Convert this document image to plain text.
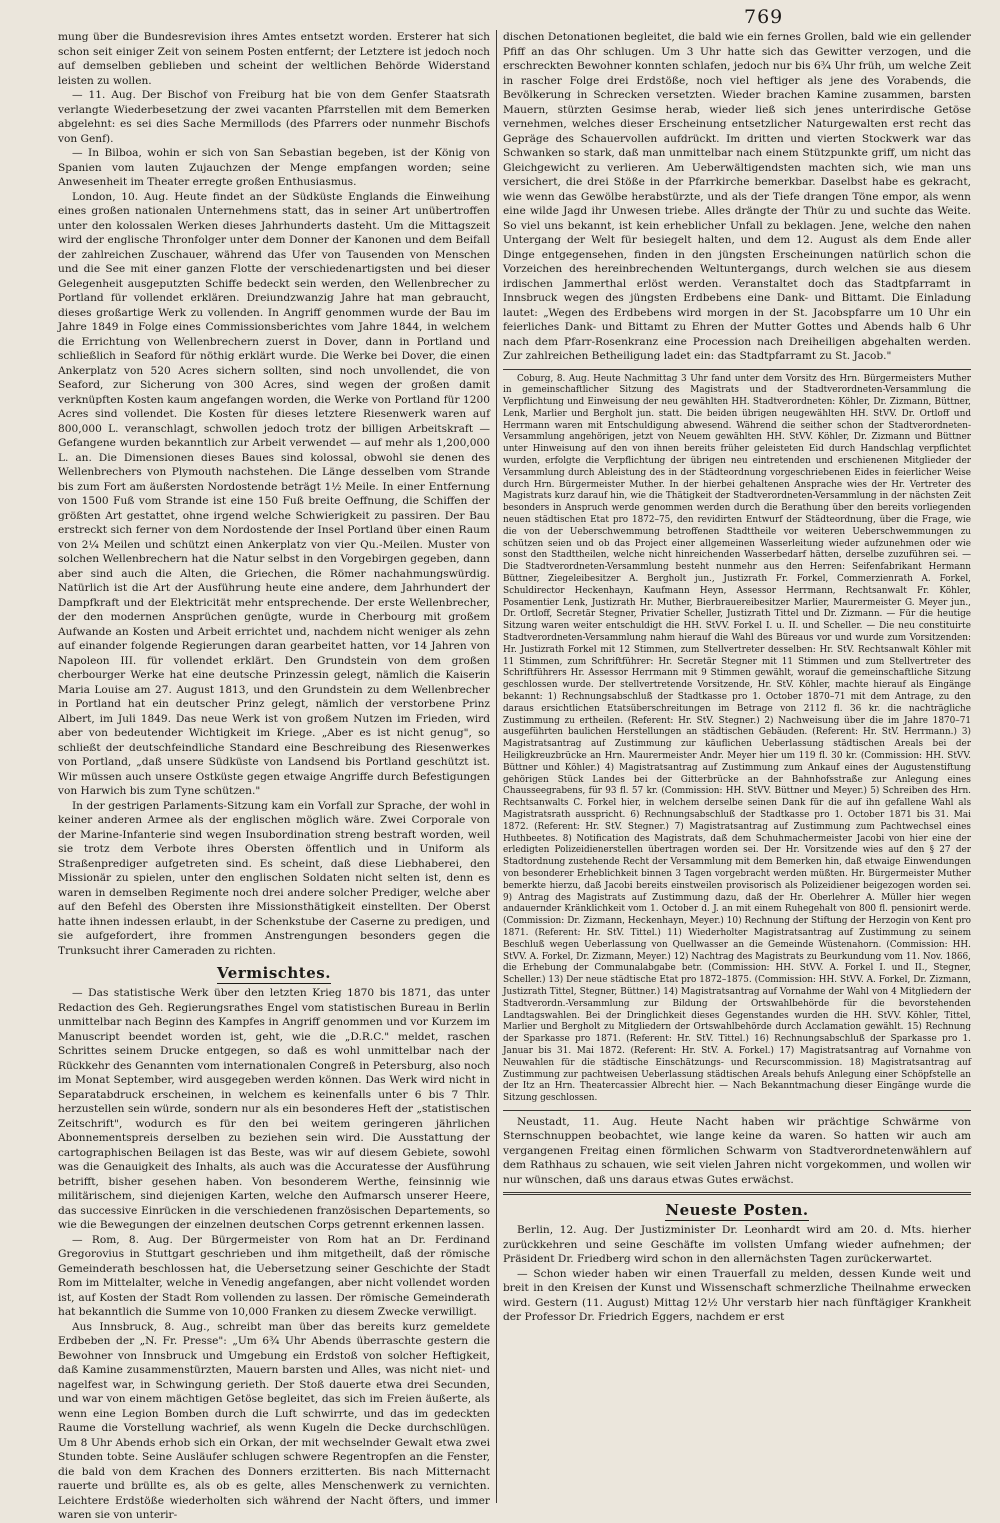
769

mung über die Bundesrevision ihres Amtes entsetzt worden. Ersterer hat sich schon seit einiger Zeit von seinem Posten entfernt; der Letztere ist jedoch noch auf demselben geblieben und scheint der weltlichen Behörde Widerstand leisten zu wollen.

— 11. Aug. Der Bischof von Freiburg hat bie von dem Genfer Staatsrath verlangte Wiederbesetzung der zwei vacanten Pfarrstellen mit dem Bemerken abgelehnt: es sei dies Sache Mermillods (des Pfarrers oder nunmehr Bischofs von Genf).

— In Bilboa, wohin er sich von San Sebastian begeben, ist der König von Spanien vom lauten Zujauchzen der Menge empfangen worden; seine Anwesenheit im Theater erregte großen Enthusiasmus.

London, 10. Aug. Heute findet an der Südküste Englands die Einweihung eines großen nationalen Unternehmens statt, das in seiner Art unübertroffen unter den kolossalen Werken dieses Jahrhunderts dasteht. Um die Mittagszeit wird der englische Thronfolger unter dem Donner der Kanonen und dem Beifall der zahlreichen Zuschauer, während das Ufer von Tausenden von Menschen und die See mit einer ganzen Flotte der verschiedenartigsten und bei dieser Gelegenheit ausgeputzten Schiffe bedeckt sein werden, den Wellenbrecher zu Portland für vollendet erklären. Dreiundzwanzig Jahre hat man gebraucht, dieses großartige Werk zu vollenden. In Angriff genommen wurde der Bau im Jahre 1849 in Folge eines Commissionsberichtes vom Jahre 1844, in welchem die Errichtung von Wellenbrechern zuerst in Dover, dann in Portland und schließlich in Seaford für nöthig erklärt wurde. Die Werke bei Dover, die einen Ankerplatz von 520 Acres sichern sollten, sind noch unvollendet, die von Seaford, zur Sicherung von 300 Acres, sind wegen der großen damit verknüpften Kosten kaum angefangen worden, die Werke von Portland für 1200 Acres sind vollendet. Die Kosten für dieses letztere Riesenwerk waren auf 800,000 L. veranschlagt, schwollen jedoch trotz der billigen Arbeitskraft — Gefangene wurden bekanntlich zur Arbeit verwendet — auf mehr als 1,200,000 L. an. Die Dimensionen dieses Baues sind kolossal, obwohl sie denen des Wellenbrechers von Plymouth nachstehen. Die Länge desselben vom Strande bis zum Fort am äußersten Nordostende beträgt 1½ Meile. In einer Entfernung von 1500 Fuß vom Strande ist eine 150 Fuß breite Oeffnung, die Schiffen der größten Art gestattet, ohne irgend welche Schwierigkeit zu passiren. Der Bau erstreckt sich ferner von dem Nordostende der Insel Portland über einen Raum von 2¼ Meilen und schützt einen Ankerplatz von vier Qu.-Meilen. Muster von solchen Wellenbrechern hat die Natur selbst in den Vorgebirgen gegeben, dann aber sind auch die Alten, die Griechen, die Römer nachahmungswürdig. Natürlich ist die Art der Ausführung heute eine andere, dem Jahrhundert der Dampfkraft und der Elektricität mehr entsprechende. Der erste Wellenbrecher, der den modernen Ansprüchen genügte, wurde in Cherbourg mit großem Aufwande an Kosten und Arbeit errichtet und, nachdem nicht weniger als zehn auf einander folgende Regierungen daran gearbeitet hatten, vor 14 Jahren von Napoleon III. für vollendet erklärt. Den Grundstein von dem großen cherbourger Werke hat eine deutsche Prinzessin gelegt, nämlich die Kaiserin Maria Louise am 27. August 1813, und den Grundstein zu dem Wellenbrecher in Portland hat ein deutscher Prinz gelegt, nämlich der verstorbene Prinz Albert, im Juli 1849. Das neue Werk ist von großem Nutzen im Frieden, wird aber von bedeutender Wichtigkeit im Kriege. „Aber es ist nicht genug", so schließt der deutschfeindliche Standard eine Beschreibung des Riesenwerkes von Portland, „daß unsere Südküste von Landsend bis Portland geschützt ist. Wir müssen auch unsere Ostküste gegen etwaige Angriffe durch Befestigungen von Harwich bis zum Tyne schützen."

In der gestrigen Parlaments-Sitzung kam ein Vorfall zur Sprache, der wohl in keiner anderen Armee als der englischen möglich wäre. Zwei Corporale von der Marine-Infanterie sind wegen Insubordination streng bestraft worden, weil sie trotz dem Verbote ihres Obersten öffentlich und in Uniform als Straßenprediger aufgetreten sind. Es scheint, daß diese Liebhaberei, den Missionär zu spielen, unter den englischen Soldaten nicht selten ist, denn es waren in demselben Regimente noch drei andere solcher Prediger, welche aber auf den Befehl des Obersten ihre Missionsthätigkeit einstellten. Der Oberst hatte ihnen indessen erlaubt, in der Schenkstube der Caserne zu predigen, und sie aufgefordert, ihre frommen Anstrengungen besonders gegen die Trunksucht ihrer Cameraden zu richten.

Vermischtes.

— Das statistische Werk über den letzten Krieg 1870 bis 1871, das unter Redaction des Geh. Regierungsrathes Engel vom statistischen Bureau in Berlin unmittelbar nach Beginn des Kampfes in Angriff genommen und vor Kurzem im Manuscript beendet worden ist, geht, wie die „D.R.C." meldet, raschen Schrittes seinem Drucke entgegen, so daß es wohl unmittelbar nach der Rückkehr des Genannten vom internationalen Congreß in Petersburg, also noch im Monat September, wird ausgegeben werden können. Das Werk wird nicht in Separatabdruck erscheinen, in welchem es keinenfalls unter 6 bis 7 Thlr. herzustellen sein würde, sondern nur als ein besonderes Heft der „statistischen Zeitschrift", wodurch es für den bei weitem geringeren jährlichen Abonnementspreis derselben zu beziehen sein wird. Die Ausstattung der cartographischen Beilagen ist das Beste, was wir auf diesem Gebiete, sowohl was die Genauigkeit des Inhalts, als auch was die Accuratesse der Ausführung betrifft, bisher gesehen haben. Von besonderem Werthe, feinsinnig wie militärischem, sind diejenigen Karten, welche den Aufmarsch unserer Heere, das successive Einrücken in die verschiedenen französischen Departements, so wie die Bewegungen der einzelnen deutschen Corps getrennt erkennen lassen.

— Rom, 8. Aug. Der Bürgermeister von Rom hat an Dr. Ferdinand Gregorovius in Stuttgart geschrieben und ihm mitgetheilt, daß der römische Gemeinderath beschlossen hat, die Uebersetzung seiner Geschichte der Stadt Rom im Mittelalter, welche in Venedig angefangen, aber nicht vollendet worden ist, auf Kosten der Stadt Rom vollenden zu lassen. Der römische Gemeinderath hat bekanntlich die Summe von 10,000 Franken zu diesem Zwecke verwilligt.

Aus Innsbruck, 8. Aug., schreibt man über das bereits kurz gemeldete Erdbeben der „N. Fr. Presse": „Um 6¾ Uhr Abends überraschte gestern die Bewohner von Innsbruck und Umgebung ein Erdstoß von solcher Heftigkeit, daß Kamine zusammenstürzten, Mauern barsten und Alles, was nicht niet- und nagelfest war, in Schwingung gerieth. Der Stoß dauerte etwa drei Secunden, und war von einem mächtigen Getöse begleitet, das sich im Freien äußerte, als wenn eine Legion Bomben durch die Luft schwirrte, und das im gedeckten Raume die Vorstellung wachrief, als wenn Kugeln die Decke durchschlügen. Um 8 Uhr Abends erhob sich ein Orkan, der mit wechselnder Gewalt etwa zwei Stunden tobte. Seine Ausläufer schlugen schwere Regentropfen an die Fenster, die bald von dem Krachen des Donners erzitterten. Bis nach Mitternacht rauerte und brüllte es, als ob es gelte, alles Menschenwerk zu vernichten. Leichtere Erdstöße wiederholten sich während der Nacht öfters, und immer waren sie von unterir-

dischen Detonationen begleitet, die bald wie ein fernes Grollen, bald wie ein gellender Pfiff an das Ohr schlugen. Um 3 Uhr hatte sich das Gewitter verzogen, und die erschreckten Bewohner konnten schlafen, jedoch nur bis 6¾ Uhr früh, um welche Zeit in rascher Folge drei Erdstöße, noch viel heftiger als jene des Vorabends, die Bevölkerung in Schrecken versetzten. Wieder brachen Kamine zusammen, barsten Mauern, stürzten Gesimse herab, wieder ließ sich jenes unterirdische Getöse vernehmen, welches dieser Erscheinung entsetzlicher Naturgewalten erst recht das Gepräge des Schauervollen aufdrückt. Im dritten und vierten Stockwerk war das Schwanken so stark, daß man unmittelbar nach einem Stützpunkte griff, um nicht das Gleichgewicht zu verlieren. Am Ueberwältigendsten machten sich, wie man uns versichert, die drei Stöße in der Pfarrkirche bemerkbar. Daselbst habe es gekracht, wie wenn das Gewölbe herabstürzte, und als der Tiefe drangen Töne empor, als wenn eine wilde Jagd ihr Unwesen triebe. Alles drängte der Thür zu und suchte das Weite. So viel uns bekannt, ist kein erheblicher Unfall zu beklagen. Jene, welche den nahen Untergang der Welt für besiegelt halten, und dem 12. August als dem Ende aller Dinge entgegensehen, finden in den jüngsten Erscheinungen natürlich schon die Vorzeichen des hereinbrechenden Weltuntergangs, durch welchen sie aus diesem irdischen Jammerthal erlöst werden. Veranstaltet doch das Stadtpfarramt in Innsbruck wegen des jüngsten Erdbebens eine Dank- und Bittamt. Die Einladung lautet: „Wegen des Erdbebens wird morgen in der St. Jacobspfarre um 10 Uhr ein feierliches Dank- und Bittamt zu Ehren der Mutter Gottes und Abends halb 6 Uhr nach dem Pfarr-Rosenkranz eine Procession nach Dreiheiligen abgehalten werden. Zur zahlreichen Betheiligung ladet ein: das Stadtpfarramt zu St. Jacob."

Coburg, 8. Aug. Heute Nachmittag 3 Uhr fand unter dem Vorsitz des Hrn. Bürgermeisters Muther in gemeinschaftlicher Sitzung des Magistrats und der Stadtverordneten-Versammlung die Verpflichtung und Einweisung der neu gewählten HH. Stadtverordneten: Köhler, Dr. Zizmann, Büttner, Lenk, Marlier und Bergholt jun. statt. Die beiden übrigen neugewählten HH. StVV. Dr. Ortloff und Herrmann waren mit Entschuldigung abwesend. Während die seither schon der Stadtverordneten-Versammlung angehörigen, jetzt von Neuem gewählten HH. StVV. Köhler, Dr. Zizmann und Büttner unter Hinweisung auf den von ihnen bereits früher geleisteten Eid durch Handschlag verpflichtet wurden, erfolgte die Verpflichtung der übrigen neu eintretenden und erschienenen Mitglieder der Versammlung durch Ableistung des in der Städteordnung vorgeschriebenen Eides in feierlicher Weise durch Hrn. Bürgermeister Muther. In der hierbei gehaltenen Ansprache wies der Hr. Vertreter des Magistrats kurz darauf hin, wie die Thätigkeit der Stadtverordneten-Versammlung in der nächsten Zeit besonders in Anspruch werde genommen werden durch die Berathung über den bereits vorliegenden neuen städtischen Etat pro 1872–75, den revidirten Entwurf der Städteordnung, über die Frage, wie die von der Ueberschwemmung betroffenen Stadttheile vor weiteren Ueberschwemmungen zu schützen seien und ob das Project einer allgemeinen Wasserleitung wieder aufzunehmen oder wie sonst den Stadttheilen, welche nicht hinreichenden Wasserbedarf hätten, derselbe zuzuführen sei. — Die Stadtverordneten-Versammlung besteht nunmehr aus den Herren: Seifenfabrikant Hermann Büttner, Ziegeleibesitzer A. Bergholt jun., Justizrath Fr. Forkel, Commerzienrath A. Forkel, Schuldirector Heckenhayn, Kaufmann Heyn, Assessor Herrmann, Rechtsanwalt Fr. Köhler, Posamentier Lenk, Justizrath Hr. Muther, Bierbrauereibesitzer Marlier, Maurermeister G. Meyer jun., Dr. Ortloff, Secretär Stegner, Privatier Scheller, Justizrath Tittel und Dr. Zizmann. — Für die heutige Sitzung waren weiter entschuldigt die HH. StVV. Forkel I. u. II. und Scheller. — Die neu constituirte Stadtverordneten-Versammlung nahm hierauf die Wahl des Büreaus vor und wurde zum Vorsitzenden: Hr. Justizrath Forkel mit 12 Stimmen, zum Stellvertreter desselben: Hr. StV. Rechtsanwalt Köhler mit 11 Stimmen, zum Schriftführer: Hr. Secretär Stegner mit 11 Stimmen und zum Stellvertreter des Schriftführers Hr. Assessor Herrmann mit 9 Stimmen gewählt, worauf die gemeinschaftliche Sitzung geschlossen wurde. Der stellvertretende Vorsitzende, Hr. StV. Köhler, machte hierauf als Eingänge bekannt: 1) Rechnungsabschluß der Stadtkasse pro 1. October 1870–71 mit dem Antrage, zu den daraus ersichtlichen Etatsüberschreitungen im Betrage von 2112 fl. 36 kr. die nachträgliche Zustimmung zu ertheilen. (Referent: Hr. StV. Stegner.) 2) Nachweisung über die im Jahre 1870–71 ausgeführten baulichen Herstellungen an städtischen Gebäuden. (Referent: Hr. StV. Herrmann.) 3) Magistratsantrag auf Zustimmung zur käuflichen Ueberlassung städtischen Areals bei der Heiligkreuzbrücke an Hrn. Maurermeister Andr. Meyer hier um 119 fl. 30 kr. (Commission: HH. StVV. Büttner und Köhler.) 4) Magistratsantrag auf Zustimmung zum Ankauf eines der Augustenstiftung gehörigen Stück Landes bei der Gitterbrücke an der Bahnhofsstraße zur Anlegung eines Chausseegrabens, für 93 fl. 57 kr. (Commission: HH. StVV. Büttner und Meyer.) 5) Schreiben des Hrn. Rechtsanwalts C. Forkel hier, in welchem derselbe seinen Dank für die auf ihn gefallene Wahl als Magistratsrath ausspricht. 6) Rechnungsabschluß der Stadtkasse pro 1. October 1871 bis 31. Mai 1872. (Referent: Hr. StV. Stegner.) 7) Magistratsantrag auf Zustimmung zum Pachtwechsel eines Huthbeetes. 8) Notification des Magistrats, daß dem Schuhmachermeister Jacobi von hier eine der erledigten Polizeidienerstellen übertragen worden sei. Der Hr. Vorsitzende wies auf den § 27 der Stadtordnung zustehende Recht der Versammlung mit dem Bemerken hin, daß etwaige Einwendungen von besonderer Erheblichkeit binnen 3 Tagen vorgebracht werden müßten. Hr. Bürgermeister Muther bemerkte hierzu, daß Jacobi bereits einstweilen provisorisch als Polizeidiener beigezogen worden sei. 9) Antrag des Magistrats auf Zustimmung dazu, daß der Hr. Oberlehrer A. Müller hier wegen andauernder Kränklichkeit vom 1. October d. J. an mit einem Ruhegehalt von 800 fl. pensionirt werde. (Commission: Dr. Zizmann, Heckenhayn, Meyer.) 10) Rechnung der Stiftung der Herzogin von Kent pro 1871. (Referent: Hr. StV. Tittel.) 11) Wiederholter Magistratsantrag auf Zustimmung zu seinem Beschluß wegen Ueberlassung von Quellwasser an die Gemeinde Wüstenahorn. (Commission: HH. StVV. A. Forkel, Dr. Zizmann, Meyer.) 12) Nachtrag des Magistrats zu Beurkundung vom 11. Nov. 1866, die Erhebung der Communalabgabe betr. (Commission: HH. StVV. A. Forkel I. und II., Stegner, Scheller.) 13) Der neue städtische Etat pro 1872–1875. (Commission: HH. StVV. A. Forkel, Dr. Zizmann, Justizrath Tittel, Stegner, Büttner.) 14) Magistratsantrag auf Vornahme der Wahl von 4 Mitgliedern der Stadtverordn.-Versammlung zur Bildung der Ortswahlbehörde für die bevorstehenden Landtagswahlen. Bei der Dringlichkeit dieses Gegenstandes wurden die HH. StVV. Köhler, Tittel, Marlier und Bergholt zu Mitgliedern der Ortswahlbehörde durch Acclamation gewählt. 15) Rechnung der Sparkasse pro 1871. (Referent: Hr. StV. Tittel.) 16) Rechnungsabschluß der Sparkasse pro 1. Januar bis 31. Mai 1872. (Referent: Hr. StV. A. Forkel.) 17) Magistratsantrag auf Vornahme von Neuwahlen für die städtische Einschätzungs- und Recurscommission. 18) Magistratsantrag auf Zustimmung zur pachtweisen Ueberlassung städtischen Areals behufs Anlegung einer Schöpfstelle an der Itz an Hrn. Theatercassier Albrecht hier. — Nach Bekanntmachung dieser Eingänge wurde die Sitzung geschlossen.

Neustadt, 11. Aug. Heute Nacht haben wir prächtige Schwärme von Sternschnuppen beobachtet, wie lange keine da waren. So hatten wir auch am vergangenen Freitag einen förmlichen Schwarm von Stadtverordnetenwählern auf dem Rathhaus zu schauen, wie seit vielen Jahren nicht vorgekommen, und wollen wir nur wünschen, daß uns daraus etwas Gutes erwächst.

Neueste Posten.

Berlin, 12. Aug. Der Justizminister Dr. Leonhardt wird am 20. d. Mts. hierher zurückkehren und seine Geschäfte im vollsten Umfang wieder aufnehmen; der Präsident Dr. Friedberg wird schon in den allernächsten Tagen zurückerwartet.

— Schon wieder haben wir einen Trauerfall zu melden, dessen Kunde weit und breit in den Kreisen der Kunst und Wissenschaft schmerzliche Theilnahme erwecken wird. Gestern (11. August) Mittag 12½ Uhr verstarb hier nach fünftägiger Krankheit der Professor Dr. Friedrich Eggers, nachdem er erst
